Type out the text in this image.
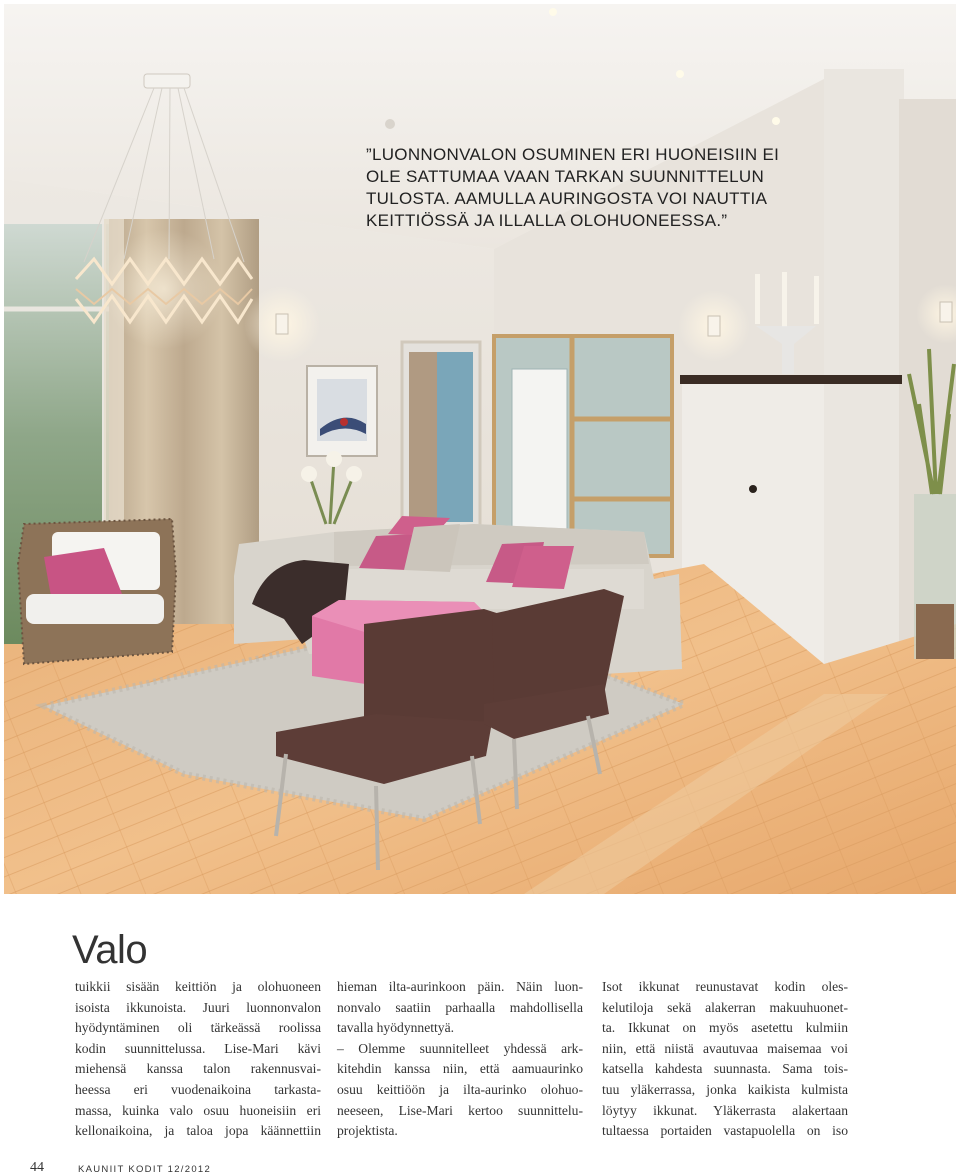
”LUONNONVALON OSUMINEN ERI HUONEISIIN EI
OLE SATTUMAA VAAN TARKAN SUUNNITTELUN
TULOSTA. AAMULLA AURINGOSTA VOI NAUTTIA
KEITTIÖSSÄ JA ILLALLA OLOHUONEESSA.”
Valo

tuikkii sisään keittiön ja olohuoneen

isoista ikkunoista. Juuri luonnonvalon

hyödyntäminen oli tärkeässä roolissa

kodin suunnittelussa. Lise-Mari kävi

miehensä kanssa talon rakennusvai-

heessa eri vuodenaikoina tarkasta-

massa, kuinka valo osuu huoneisiin eri

kellonaikoina, ja taloa jopa käännettiin

hieman ilta-aurinkoon päin. Näin luon-

nonvalo saatiin parhaalla mahdollisella

tavalla hyödynnettyä.

– Olemme suunnitelleet yhdessä ark-

kitehdin kanssa niin, että aamuaurinko

osuu keittiöön ja ilta-aurinko olohuo-

neeseen, Lise-Mari kertoo suunnittelu-

projektista.

Isot ikkunat reunustavat kodin oles-

kelutiloja sekä alakerran makuuhuonet-

ta. Ikkunat on myös asetettu kulmiin

niin, että niistä avautuvaa maisemaa voi

katsella kahdesta suunnasta. Sama tois-

tuu yläkerrassa, jonka kaikista kulmista

löytyy ikkunat. Yläkerrasta alakertaan

tultaessa portaiden vastapuolella on iso

44	KAUNIIT KODIT 12/2012
